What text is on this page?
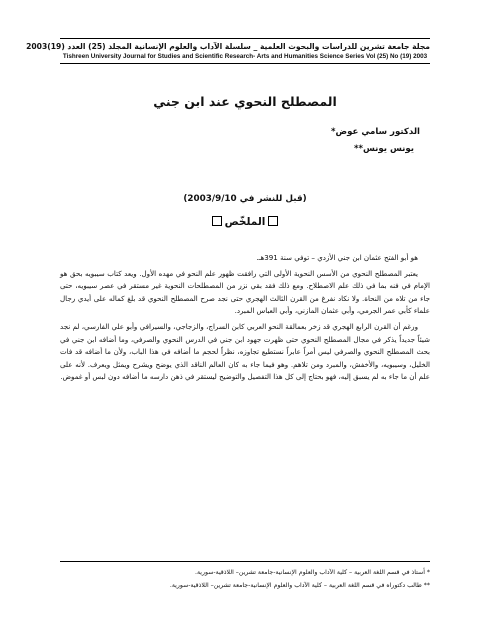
مجلة جامعة تشرين للدراسات والبحوث العلمية _ سلسلة الآداب والعلوم الإنسانية المجلد (25) العدد (19)2003
Tishreen University Journal for Studies and Scientific Research- Arts and Humanities Science Series Vol (25) No (19) 2003
المصطلح النحوي عند ابن جني
الدكتور سامي عوض*
يونس يونس**
(قبل للنشر في 2003/9/10)
الملخّص

هو أبو الفتح عثمان ابن جني الأزدي – توفي سنة 391هـ.

يعتبر المصطلح النحوي من الأسس النحوية الأولى التي رافقت ظهور علم النحو في مهده الأول. ويعد كتاب سيبويه بحق هو الإمام في فنه بما في ذلك علم الاصطلاح. ومع ذلك فقد بقي نزر من المصطلحات النحوية غير مستقر في عصر سيبويه، حتى جاء من تلاه من النحاة. ولا نكاد نفرغ من القرن الثالث الهجري حتى نجد صرح المصطلح النحوي قد بلغ كماله على أيدي رجال علماء كأبي عمر الجرمي، وأبي عثمان المازني، وأبي العباس المبرد.

ورغم أن القرن الرابع الهجري قد زخر بعمالقة النحو العربي كابن السراج، والزجاجي، والسيرافي وأبو علي الفارسي، لم نجد شيئاً جديداً يذكر في مجال المصطلح النحوي حتى ظهرت جهود ابن جني في الدرس النحوي والصرفي، وما أضافه ابن جني في بحث المصطلح النحوي والصرفي ليس أمراً عابراً نستطيع تجاوزه، نظراً لحجم ما أضافه في هذا الباب، ولأن ما أضافه قد فات الخليل، وسيبويه، والأخفش، والمبرد ومن تلاهم. وهو فيما جاء به كان العالم الناقد الذي يوضح ويشرح ويمثل ويعرف. لأنه على علم أن ما جاء به لم يسبق إليه، فهو بحتاج إلى كل هذا التفصيل والتوضيح ليستقر في ذهن دارسه ما أضافه دون لبس أو غموض.

* أستاذ في قسم اللغة العربية – كلية الآداب والعلوم الإنسانية-جامعة تشرين– اللاذقية-سورية.
** طالب دكتوراه في قسم اللغة العربية – كلية الآداب والعلوم الإنسانية-جامعة تشرين– اللاذقية-سورية.
